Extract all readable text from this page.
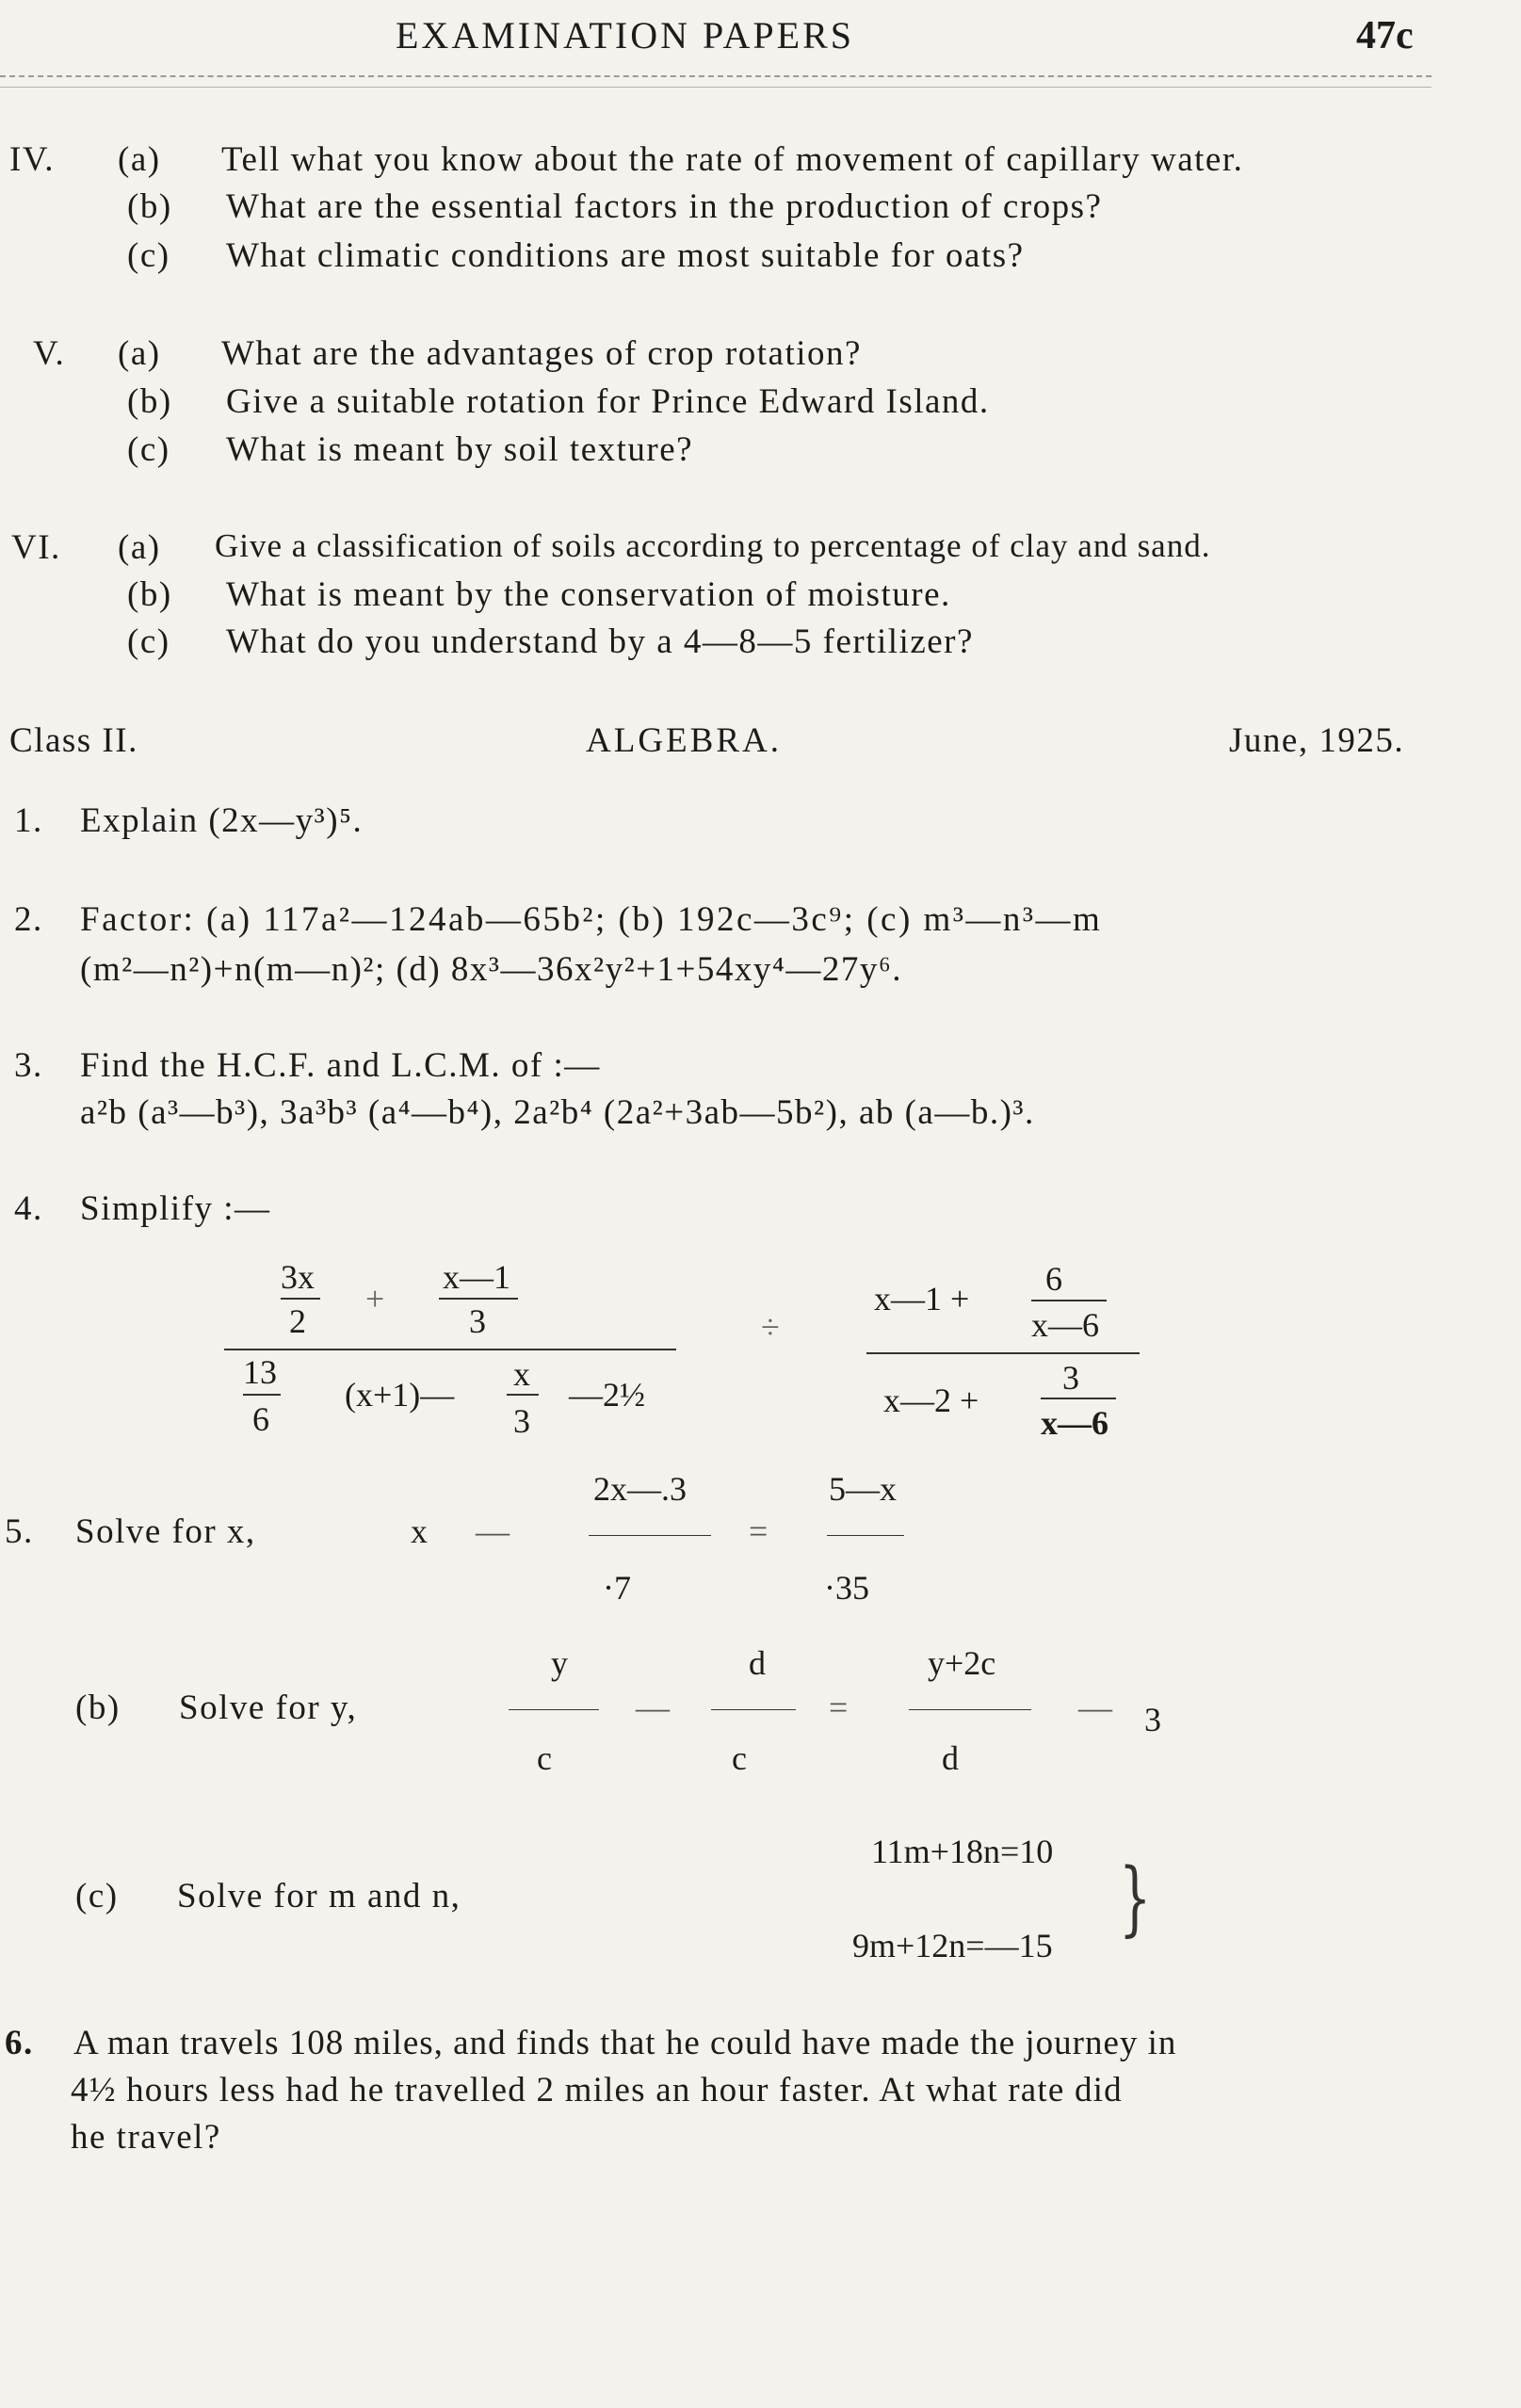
EXAMINATION PAPERS	47c
IV. (a) Tell what you know about the rate of movement of capillary water.
(b) What are the essential factors in the production of crops?
(c) What climatic conditions are most suitable for oats?
V. (a) What are the advantages of crop rotation?
(b) Give a suitable rotation for Prince Edward Island.
(c) What is meant by soil texture?
VI. (a) Give a classification of soils according to percentage of clay and sand.
(b) What is meant by the conservation of moisture.
(c) What do you understand by a 4—8—5 fertilizer?
Class II.	ALGEBRA.	June, 1925.
1. Explain (2x—y³)⁵.
2. Factor: (a) 117a²—124ab—65b²; (b) 192c—3c⁹; (c) m³—n³—m
(m²—n²)+n(m—n)²; (d) 8x³—36x²y²+1+54xy⁴—27y⁶.
3. Find the H.C.F. and L.C.M. of :—
a²b (a³—b³), 3a³b³ (a⁴—b⁴), 2a²b⁴ (2a²+3ab—5b²), ab (a—b.)³.
4. Simplify :—
3x
2
+
x—1
3
13
6
(x+1)—
x
3
—2½
÷
x—1 +
6
x—6
x—2 +
3
x—6
5. Solve for x,	x —
2x—.3
·7
=
5—x
·35
(b) Solve for y,
y
c
—
d
c
=
y+2c
d
— 3
(c) Solve for m and n,
11m+18n=10
9m+12n=—15
}
6. A man travels 108 miles, and finds that he could have made the journey in
4½ hours less had he travelled 2 miles an hour faster. At what rate did
he travel?
